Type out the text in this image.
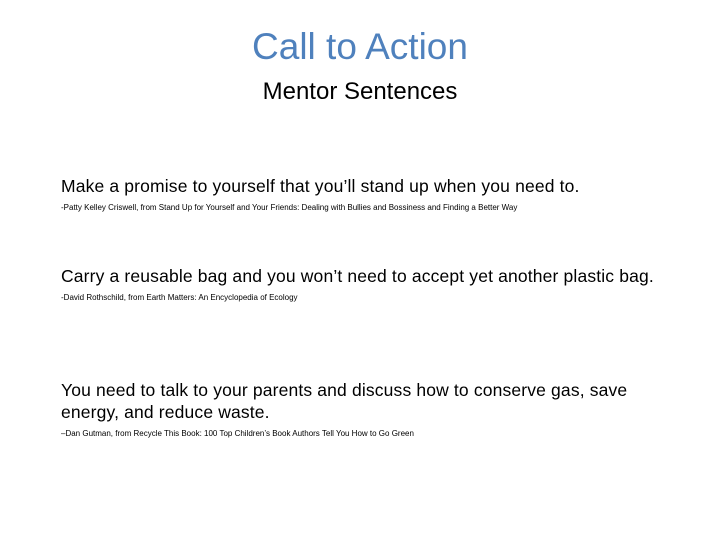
Call to Action
Mentor Sentences

Make a promise to yourself that you’ll stand up when you need to.

-Patty Kelley Criswell, from Stand Up for Yourself and Your Friends: Dealing with Bullies and Bossiness and Finding a Better Way

Carry a reusable bag and you won’t need to accept yet another plastic bag.

-David Rothschild, from Earth Matters: An Encyclopedia of Ecology

You need to talk to your parents and discuss how to conserve gas, save energy, and reduce waste.

–Dan Gutman, from Recycle This Book: 100 Top Children’s Book Authors Tell You How to Go Green
